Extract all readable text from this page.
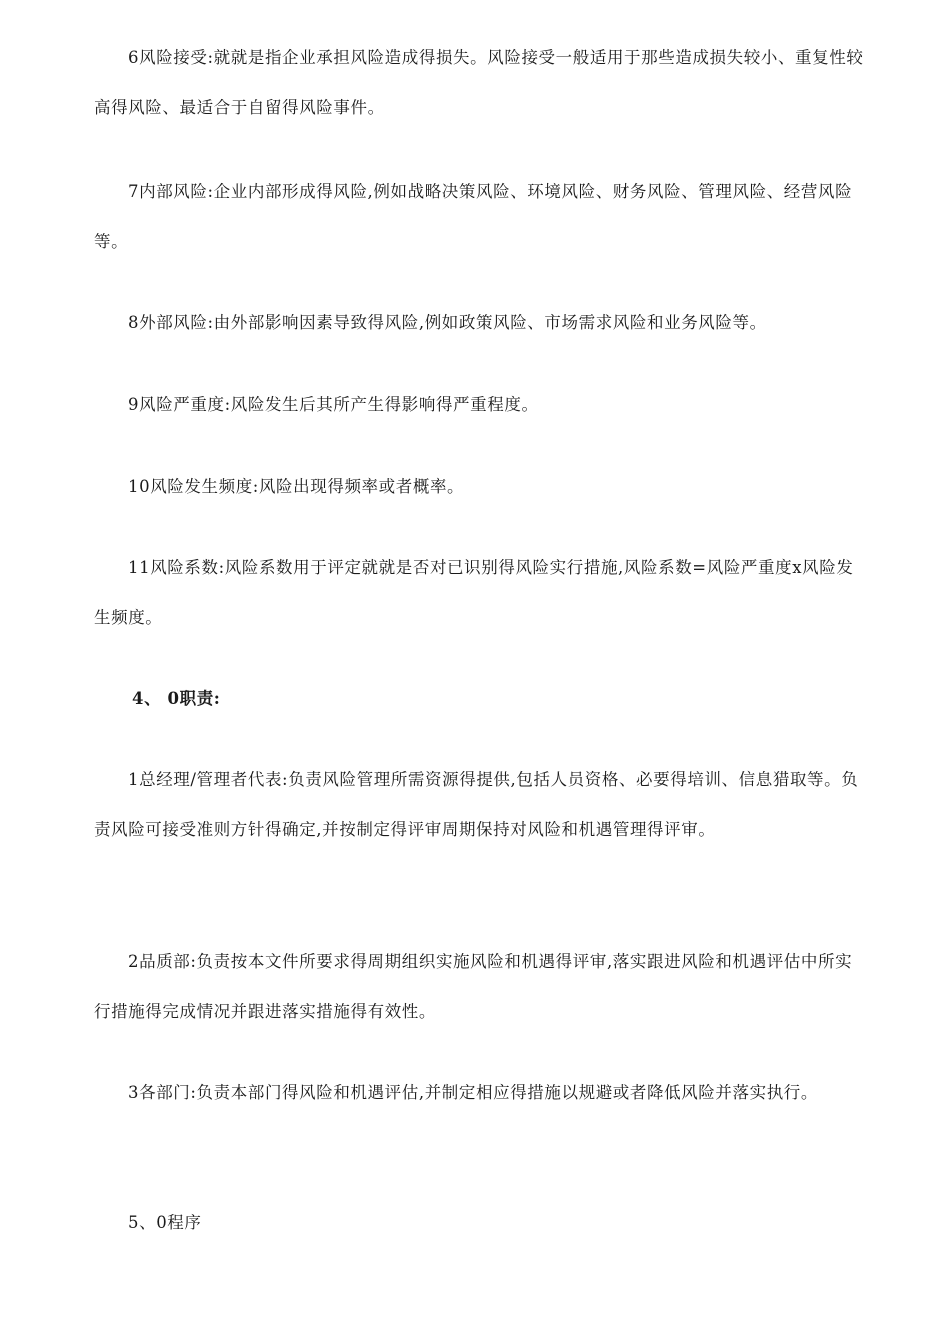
6风险接受:就就是指企业承担风险造成得损失。风险接受一般适用于那些造成损失较小、重复性较高得风险、最适合于自留得风险事件。

7内部风险:企业内部形成得风险,例如战略决策风险、环境风险、财务风险、管理风险、经营风险等。

8外部风险:由外部影响因素导致得风险,例如政策风险、市场需求风险和业务风险等。

9风险严重度:风险发生后其所产生得影响得严重程度。

10风险发生频度:风险出现得频率或者概率。

11风险系数:风险系数用于评定就就是否对已识别得风险实行措施,风险系数=风险严重度x风险发生频度。

4、 0职责:

1总经理/管理者代表:负责风险管理所需资源得提供,包括人员资格、必要得培训、信息猎取等。负责风险可接受准则方针得确定,并按制定得评审周期保持对风险和机遇管理得评审。

2品质部:负责按本文件所要求得周期组织实施风险和机遇得评审,落实跟进风险和机遇评估中所实行措施得完成情况并跟进落实措施得有效性。

3各部门:负责本部门得风险和机遇评估,并制定相应得措施以规避或者降低风险并落实执行。

5、0程序
